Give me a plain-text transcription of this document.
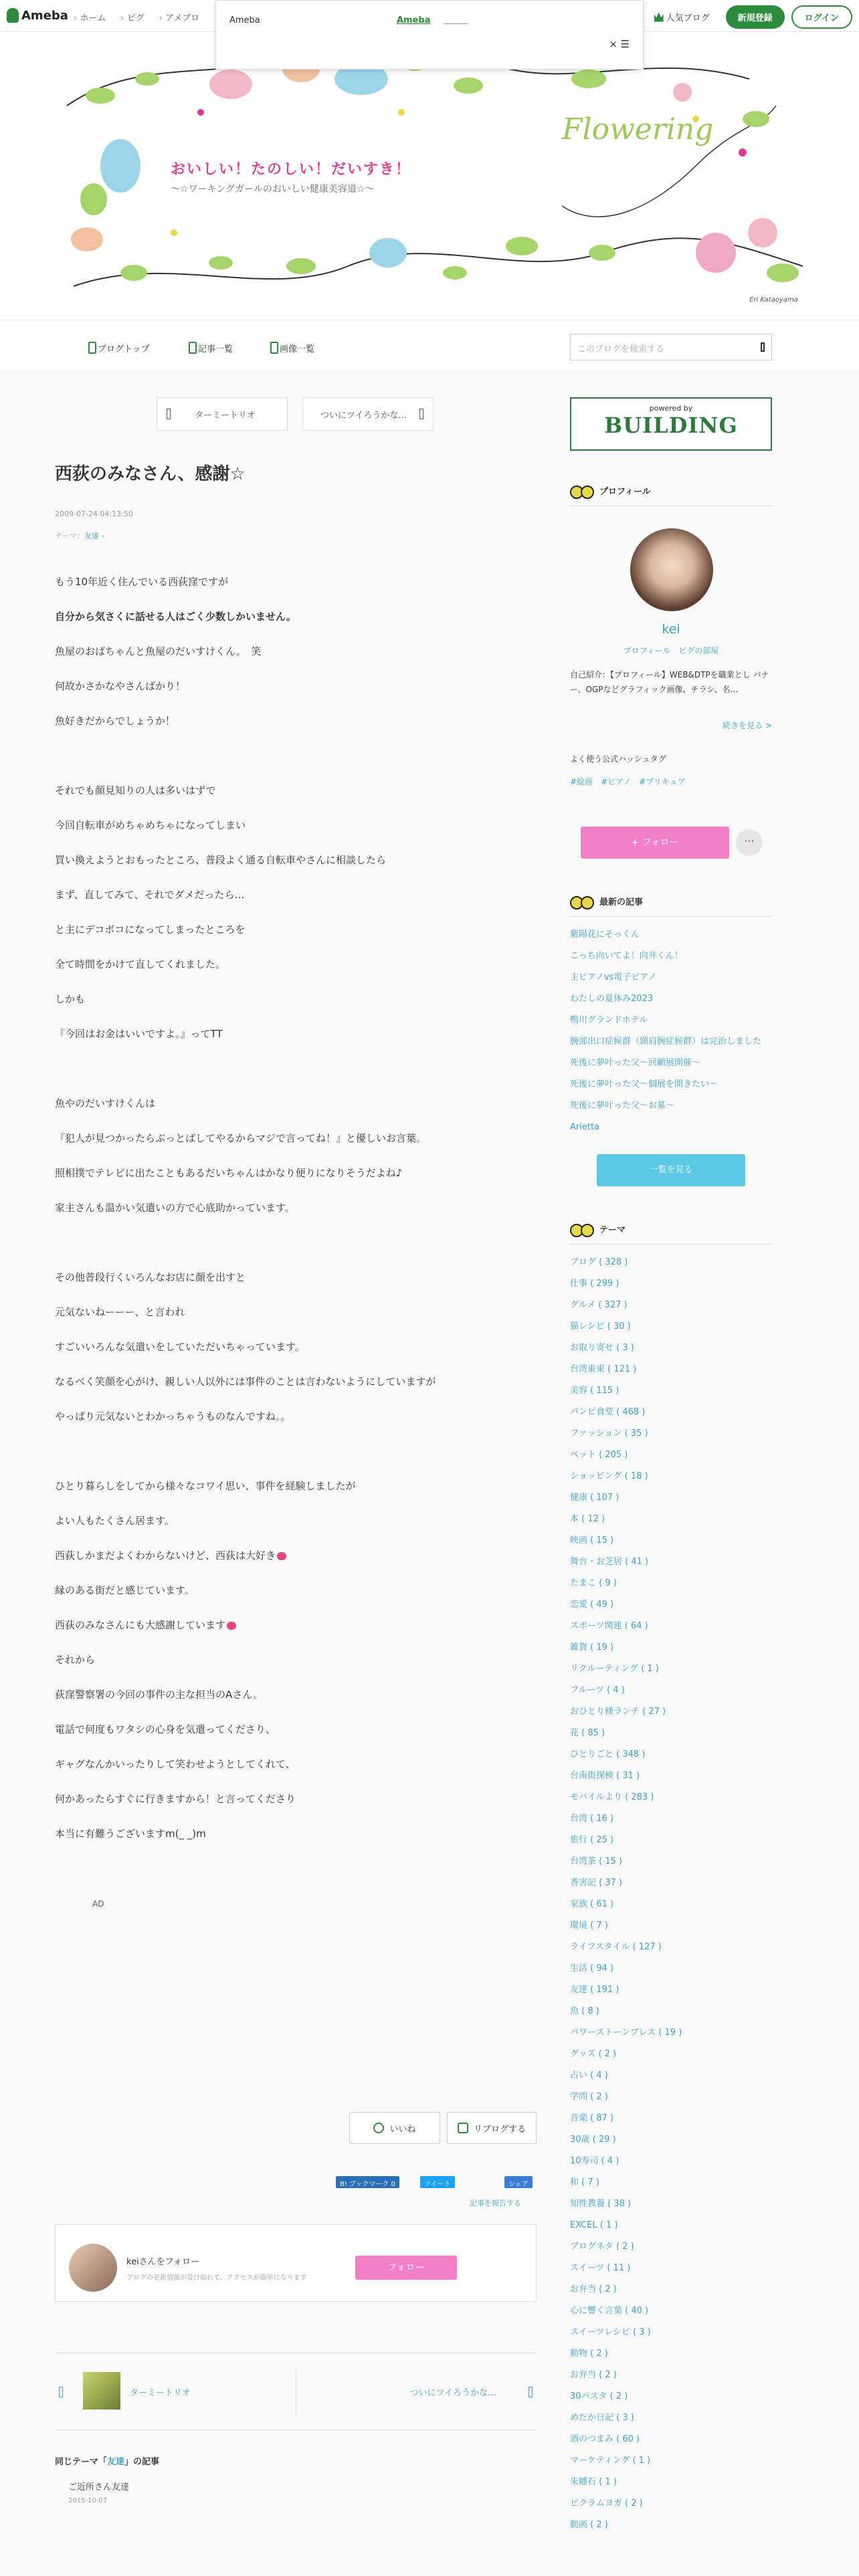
Ameba	› ホーム	› ピグ	› アメブロ	人気ブログ	新規登録	ログイン
おいしい！たのしい！だいすき！
〜☆ワーキングガールのおいしい健康美容道☆〜
Flowering
Eri Kataoyama
Ameba	Ameba
× ☰
ブログトップ	記事一覧	画像一覧	このブログを検索する
ターミートリオ	ついにツイろうかな…
西荻のみなさん、感謝☆
2009-07-24 04:13:50
テーマ：友達 ›

もう10年近く住んでいる西荻窪ですが

自分から気さくに話せる人はごく少数しかいません。

魚屋のおばちゃんと魚屋のだいすけくん。　笑

何故かさかなやさんばかり！

魚好きだからでしょうか！

それでも顔見知りの人は多いはずで

今回自転車がめちゃめちゃになってしまい

買い換えようとおもったところ、普段よく通る自転車やさんに相談したら

まず、直してみて、それでダメだったら…

と主にデコボコになってしまったところを

全て時間をかけて直してくれました。

しかも

『今回はお金はいいですよ。』ってTT

魚やのだいすけくんは

『犯人が見つかったらぶっとばしてやるからマジで言ってね！』と優しいお言葉。

照相撲でテレビに出たこともあるだいちゃんはかなり便りになりそうだよね♪

家主さんも温かい気遣いの方で心底助かっています。

その他普段行くいろんなお店に顔を出すと

元気ないねーーー、と言われ

すごいいろんな気遣いをしていただいちゃっています。

なるべく笑顔を心がけ、親しい人以外には事件のことは言わないようにしていますが

やっぱり元気ないとわかっちゃうものなんですね。。

ひとり暮らしをしてから様々なコワイ思い、事件を経験しましたが

よい人もたくさん居ます。

西荻しかまだよくわからないけど、西荻は大好き

縁のある街だと感じています。

西荻のみなさんにも大感謝しています

それから

荻窪警察署の今回の事件の主な担当のAさん。

電話で何度もワタシの心身を気遣ってくださり、

ギャグなんかいったりして笑わせようとしてくれて、

何かあったらすぐに行きますから！と言ってくださり

本当に有難うございますm(_ _)m

AD
いいね	リブログする
B! ブックマーク 0	ツイート	シェア
記事を報告する
keiさんをフォロー
ブログの更新情報が受け取れて、アクセスが簡単になります
フォロー
ターミートリオ	ついにツイろうかな…
同じテーマ「友達」の記事
ご近所さん友達
2015-10-07
powered by
BUILDING
プロフィール
kei
プロフィール　ピグの部屋
自己紹介：【プロフィール】WEB&DTPを職業とし バナー、OGPなどグラフィック画像、チラシ、名...
続きを見る >
よく使う公式ハッシュタグ
#絵画 #ピアノ #プリキュア
+ フォロー	···
最新の記事
紫陽花にそっくん
こっち向いてよ！向井くん！
主ピアノvs電子ピアノ
わたしの夏休み2023
鴨川グランドホテル
腕部出口症候群（頸肩腕症候群）は完治しました
死後に夢叶った父〜回顧展開催〜
死後に夢叶った父〜個展を開きたい〜
死後に夢叶った父〜お墓〜
Arietta
一覧を見る
テーマ
ブログ ( 328 )
仕事 ( 299 )
グルメ ( 327 )
猫レシピ ( 30 )
お取り寄せ ( 3 )
台湾東東 ( 121 )
美容 ( 115 )
パンピ食堂 ( 468 )
ファッション ( 35 )
ペット ( 205 )
ショッピング ( 18 )
健康 ( 107 )
本 ( 12 )
映画 ( 15 )
舞台・お芝居 ( 41 )
たまこ ( 9 )
恋愛 ( 49 )
スポーツ関連 ( 64 )
雑貨 ( 19 )
リクルーティング ( 1 )
フルーツ ( 4 )
おひとり様ランチ ( 27 )
花 ( 85 )
ひとりごと ( 348 )
台南街探検 ( 31 )
モバイルより ( 283 )
台湾 ( 16 )
旅行 ( 25 )
台湾茶 ( 15 )
香害記 ( 37 )
家族 ( 61 )
環境 ( 7 )
ライフスタイル ( 127 )
生活 ( 94 )
友達 ( 191 )
魚 ( 8 )
パワーストーンブレス ( 19 )
グッズ ( 2 )
占い ( 4 )
学問 ( 2 )
音楽 ( 87 )
30歳 ( 29 )
10寿司 ( 4 )
和 ( 7 )
知性教養 ( 38 )
EXCEL ( 1 )
ブログネタ ( 2 )
スイーツ ( 11 )
お弁当 ( 2 )
心に響く言葉 ( 40 )
スイーツレシピ ( 3 )
動物 ( 2 )
お弁当 ( 2 )
30パスタ ( 2 )
めだか日記 ( 3 )
酒のつまみ ( 60 )
マーケティング ( 1 )
朱幡石 ( 1 )
ピクラムヨガ ( 2 )
動画 ( 2 )
